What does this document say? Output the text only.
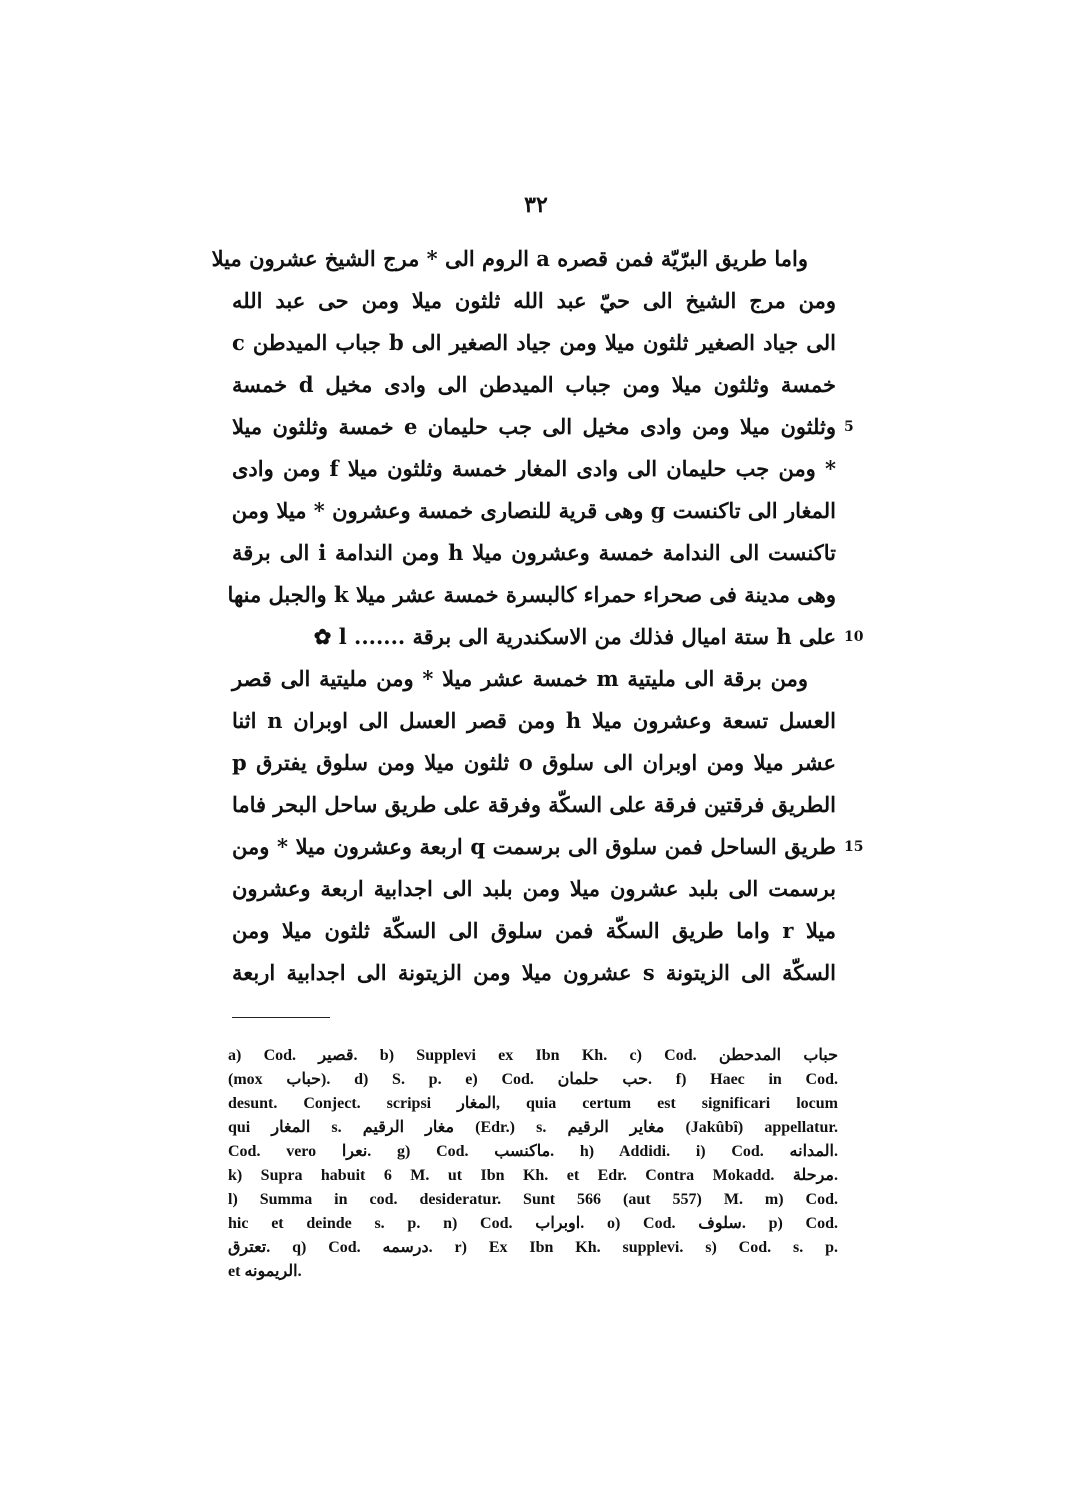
٣٢
واما طريق البرّيّة فمن قصره a الروم الى * مرج الشيخ عشرون ميلا
ومن مرج الشيخ الى حيّ عبد الله ثلثون ميلا ومن حى عبد الله
الى جياد الصغير ثلثون ميلا ومن جياد الصغير الى b جباب الميدطن c
خمسة وثلثون ميلا ومن جباب الميدطن الى وادى مخيل d خمسة
وثلثون ميلا ومن وادى مخيل الى جب حليمان e خمسة وثلثون ميلا 5
* ومن جب حليمان الى وادى المغار خمسة وثلثون ميلا f ومن وادى
المغار الى تاكنست g وهى قرية للنصارى خمسة وعشرون * ميلا ومن
تاكنست الى الندامة خمسة وعشرون ميلا h ومن الندامة i الى برقة
وهى مدينة فى صحراء حمراء كالبسرة خمسة عشر ميلا k والجبل منها
على h ستة اميال فذلك من الاسكندرية الى برقة ....... l ✿ 10
ومن برقة الى مليتية m خمسة عشر ميلا * ومن مليتية الى قصر
العسل تسعة وعشرون ميلا h ومن قصر العسل الى اوبران n اثنا
عشر ميلا ومن اوبران الى سلوق o ثلثون ميلا ومن سلوق يفترق p
الطريق فرقتين فرقة على السكّة وفرقة على طريق ساحل البحر فاما
طريق الساحل فمن سلوق الى برسمت q اربعة وعشرون ميلا * ومن 15
برسمت الى بلبد عشرون ميلا ومن بلبد الى اجدابية اربعة وعشرون
ميلا r واما طريق السكّة فمن سلوق الى السكّة ثلثون ميلا ومن
السكّة الى الزيتونة s عشرون ميلا ومن الزيتونة الى اجدابية اربعة
a) Cod. قصير. b) Supplevi ex Ibn Kh. c) Cod. حباب المدحطن
(mox حباب). d) S. p. e) Cod. حب حلمان. f) Haec in Cod.
desunt. Conject. scripsi المغار, quia certum est significari locum
qui المغار s. مغار الرقيم (Edr.) s. مغاير الرقيم (Jakûbî) appellatur.
Cod. vero نعرا. g) Cod. ماكنسب. h) Addidi. i) Cod. المدانه.
k) Supra habuit 6 M. ut Ibn Kh. et Edr. Contra Mokadd. مرحلة.
l) Summa in cod. desideratur. Sunt 566 (aut 557) M. m) Cod.
hic et deinde s. p. n) Cod. اوبراب. o) Cod. سلوف. p) Cod.
تعترق. q) Cod. درسمه. r) Ex Ibn Kh. supplevi. s) Cod. s. p.
et الريمونه.
